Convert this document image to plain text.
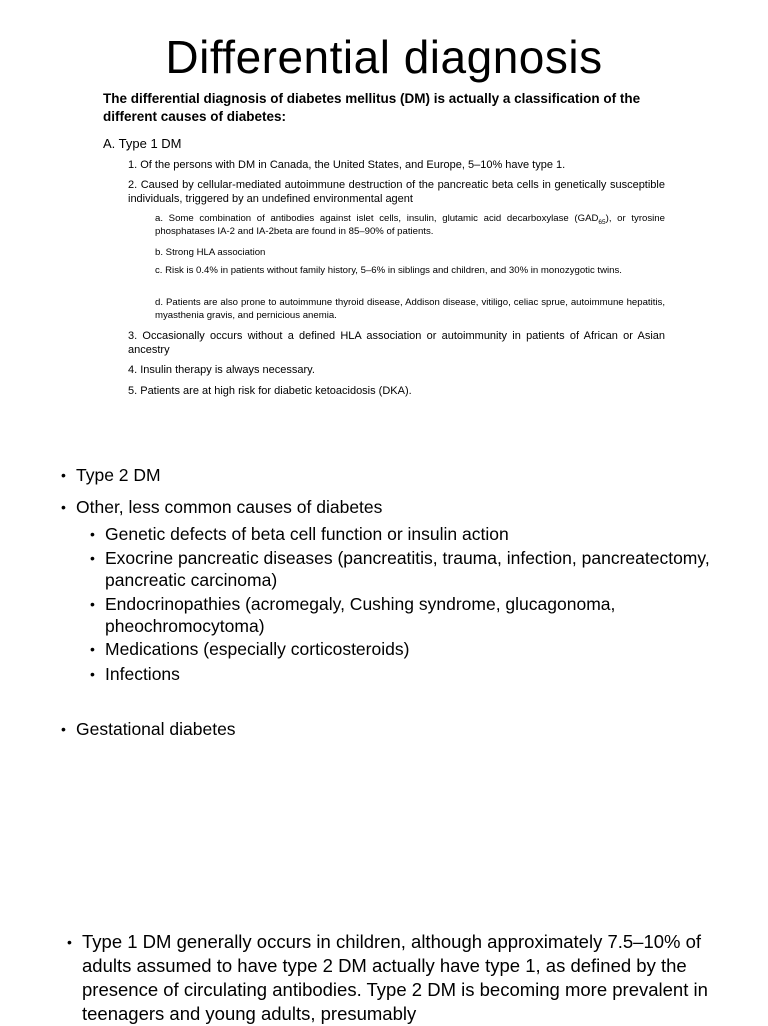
Differential diagnosis
The differential diagnosis of diabetes mellitus (DM) is actually a classification of the different causes of diabetes:
A. Type 1 DM
1. Of the persons with DM in Canada, the United States, and Europe, 5–10% have type 1.
2. Caused by cellular-mediated autoimmune destruction of the pancreatic beta cells in genetically susceptible individuals, triggered by an undefined environmental agent
a. Some combination of antibodies against islet cells, insulin, glutamic acid decarboxylase $(GAD_{65})$, or tyrosine phosphatases IA-2 and IA-2beta are found in 85–90% of patients.
b. Strong HLA association
c. Risk is 0.4% in patients without family history, 5–6% in siblings and children, and 30% in monozygotic twins.
d. Patients are also prone to autoimmune thyroid disease, Addison disease, vitiligo, celiac sprue, autoimmune hepatitis, myasthenia gravis, and pernicious anemia.
3. Occasionally occurs without a defined HLA association or autoimmunity in patients of African or Asian ancestry
4. Insulin therapy is always necessary.
5. Patients are at high risk for diabetic ketoacidosis (DKA).
• Type 2 DM
• Other, less common causes of diabetes
• Genetic defects of beta cell function or insulin action
• Exocrine pancreatic diseases (pancreatitis, trauma, infection, pancreatectomy, pancreatic carcinoma)
• Endocrinopathies (acromegaly, Cushing syndrome, glucagonoma, pheochromocytoma)
• Medications (especially corticosteroids)
• Infections
• Gestational diabetes
• Type 1 DM generally occurs in children, although approximately 7.5–10% of adults assumed to have type 2 DM actually have type 1, as defined by the presence of circulating antibodies. Type 2 DM is becoming more prevalent in teenagers and young adults, presumably
